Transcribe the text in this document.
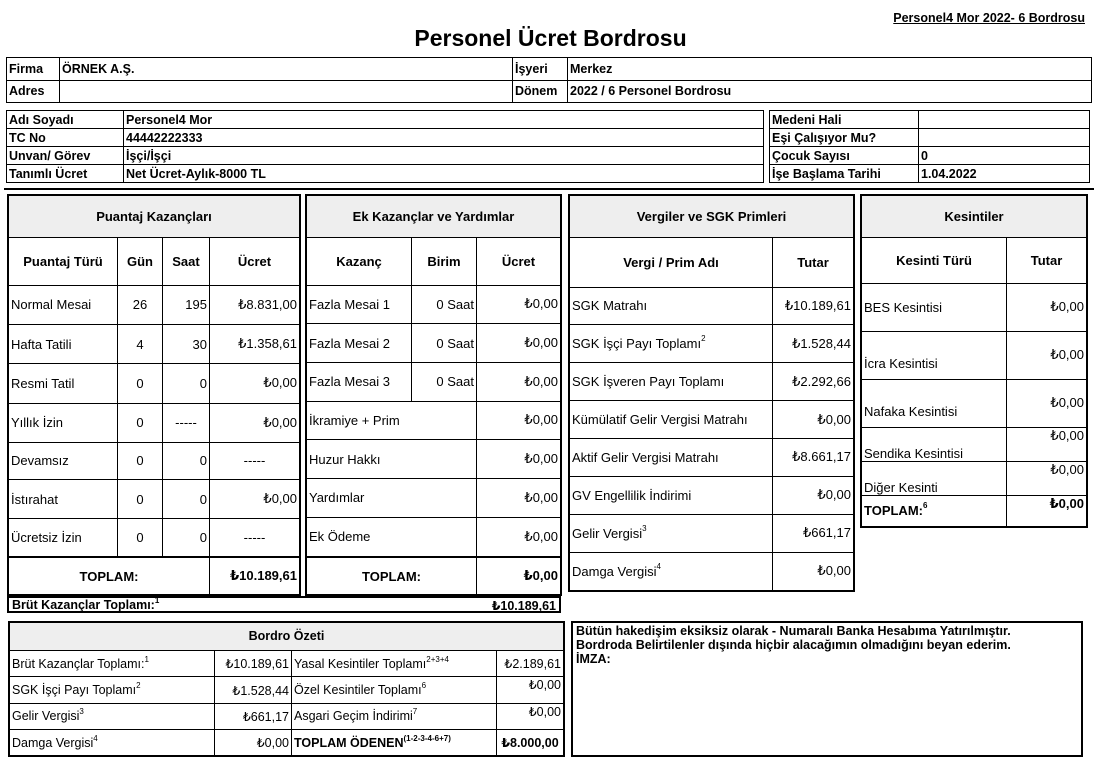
Personel4 Mor 2022- 6 Bordrosu
Personel Ücret Bordrosu
Firma	ÖRNEK A.Ş.	İşyeri	Merkez
Adres		Dönem	2022 / 6 Personel Bordrosu
Adı Soyadı	Personel4 Mor
TC No	44442222333
Unvan/ Görev	İşçi/İşçi
Tanımlı Ücret	Net Ücret-Aylık-8000 TL
Medeni Hali	
Eşi Çalışıyor Mu?	
Çocuk Sayısı	0
İşe Başlama Tarihi	1.04.2022
Puantaj Kazançları			
Puantaj Türü	Gün	Saat	Ücret
Normal Mesai	26	195	₺8.831,00
Hafta Tatili	4	30	₺1.358,61
Resmi Tatil	0	0	₺0,00
Yıllık İzin	0	-----	₺0,00
Devamsız	0	0	-----
İstırahat	0	0	₺0,00
Ücretsiz İzin	0	0	-----
TOPLAM:			₺10.189,61
Brüt Kazançlar Toplamı:$^1$	₺10.189,61
Ek Kazançlar ve Yardımlar		
Kazanç	Birim	Ücret
Fazla Mesai 1	0 Saat	₺0,00
Fazla Mesai 2	0 Saat	₺0,00
Fazla Mesai 3	0 Saat	₺0,00
İkramiye + Prim		₺0,00
Huzur Hakkı		₺0,00
Yardımlar		₺0,00
Ek Ödeme		₺0,00
TOPLAM:		₺0,00
Vergiler ve SGK Primleri	
Vergi / Prim Adı	Tutar
SGK Matrahı	₺10.189,61
SGK İşçi Payı Toplamı$^2$	₺1.528,44
SGK İşveren Payı Toplamı	₺2.292,66
Kümülatif Gelir Vergisi Matrahı	₺0,00
Aktif Gelir Vergisi Matrahı	₺8.661,17
GV Engellilik İndirimi	₺0,00
Gelir Vergisi$^3$	₺661,17
Damga Vergisi$^4$	₺0,00
Kesintiler	
Kesinti Türü	Tutar
BES Kesintisi	₺0,00
İcra Kesintisi	₺0,00
Nafaka Kesintisi	₺0,00
Sendika Kesintisi	₺0,00
Diğer Kesinti	₺0,00
TOPLAM:$^6$	₺0,00
Bordro Özeti			
Brüt Kazançlar Toplamı:$^1$	₺10.189,61	Yasal Kesintiler Toplamı$^{2+3+4}$	₺2.189,61
SGK İşçi Payı Toplamı$^2$	₺1.528,44	Özel Kesintiler Toplamı$^6$	₺0,00
Gelir Vergisi$^3$	₺661,17	Asgari Geçim İndirimi$^7$	₺0,00
Damga Vergisi$^4$	₺0,00	TOPLAM $ÖDENEN^{(1-2-3-4-6+7)}$	₺8.000,00
Bütün hakedişim eksiksiz olarak - Numaralı Banka Hesabıma Yatırılmıştır.
Bordroda Belirtilenler dışında hiçbir alacağımın olmadığını beyan ederim.
İMZA:
